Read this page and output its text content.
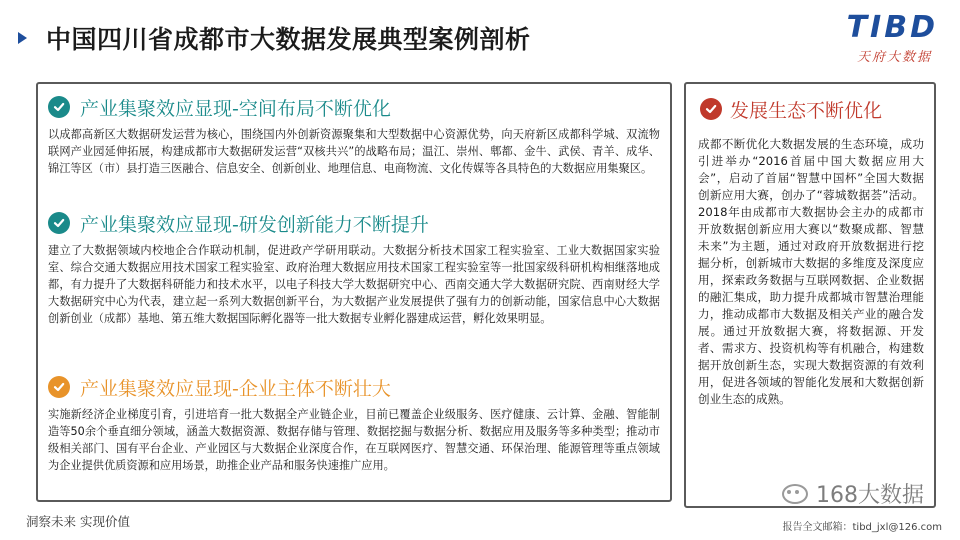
中国四川省成都市大数据发展典型案例剖析	TIBD
天府大数据
产业集聚效应显现-空间布局不断优化
以成都高新区大数据研发运营为核心，围绕国内外创新资源聚集和大型数据中心资源优势，向天府新区成都科学城、双流物联网产业园延伸拓展，构建成都市大数据研发运营“双核共兴”的战略布局；温江、崇州、郫都、金牛、武侯、青羊、成华、锦江等区（市）县打造三医融合、信息安全、创新创业、地理信息、电商物流、文化传媒等各具特色的大数据应用集聚区。
产业集聚效应显现-研发创新能力不断提升
建立了大数据领域内校地企合作联动机制，促进政产学研用联动。大数据分析技术国家工程实验室、工业大数据国家实验室、综合交通大数据应用技术国家工程实验室、政府治理大数据应用技术国家工程实验室等一批国家级科研机构相继落地成都，有力提升了大数据科研能力和技术水平，以电子科技大学大数据研究中心、西南交通大学大数据研究院、西南财经大学大数据研究中心为代表，建立起一系列大数据创新平台，为大数据产业发展提供了强有力的创新动能，国家信息中心大数据创新创业（成都）基地、第五维大数据国际孵化器等一批大数据专业孵化器建成运营，孵化效果明显。
产业集聚效应显现-企业主体不断壮大
实施新经济企业梯度引育，引进培育一批大数据全产业链企业，目前已覆盖企业级服务、医疗健康、云计算、金融、智能制造等50余个垂直细分领域，涵盖大数据资源、数据存储与管理、数据挖掘与数据分析、数据应用及服务等多种类型；推动市级相关部门、国有平台企业、产业园区与大数据企业深度合作，在互联网医疗、智慧交通、环保治理、能源管理等重点领域为企业提供优质资源和应用场景，助推企业产品和服务快速推广应用。
发展生态不断优化
成都不断优化大数据发展的生态环境，成功引进举办“2016首届中国大数据应用大会”，启动了首届“智慧中国杯”全国大数据创新应用大赛，创办了“蓉城数据荟”活动。2018年由成都市大数据协会主办的成都市开放数据创新应用大赛以“数聚成都、智慧未来”为主题，通过对政府开放数据进行挖掘分析，创新城市大数据的多维度及深度应用，探索政务数据与互联网数据、企业数据的融汇集成，助力提升成都城市智慧治理能力，推动成都市大数据及相关产业的融合发展。通过开放数据大赛，将数据源、开发者、需求方、投资机构等有机融合，构建数据开放创新生态，实现大数据资源的有效利用，促进各领域的智能化发展和大数据创新创业生态的成熟。
168大数据
洞察未来 实现价值	报告全文邮箱：tibd_jxl@126.com
